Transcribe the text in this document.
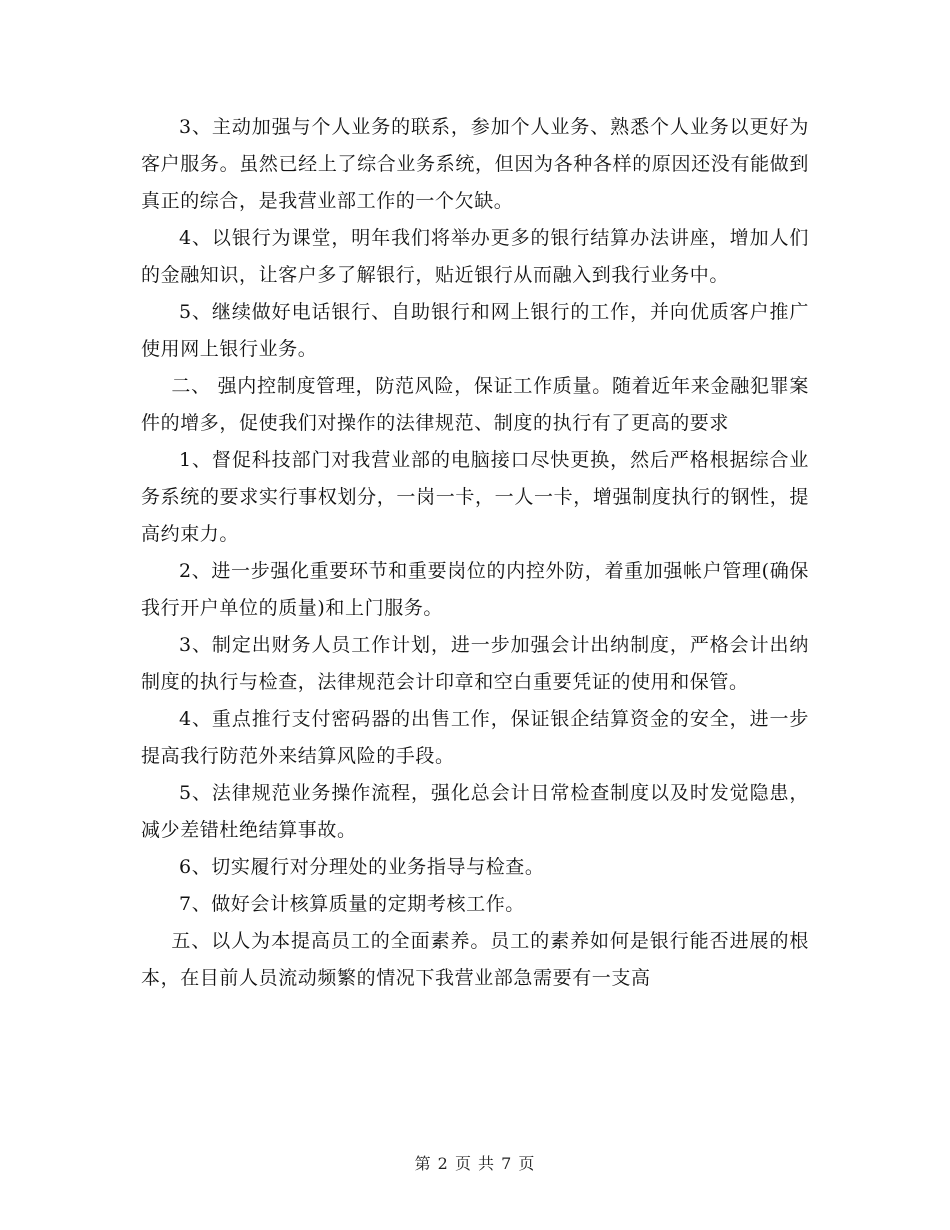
3、主动加强与个人业务的联系，参加个人业务、熟悉个人业务以更好为客户服务。虽然已经上了综合业务系统，但因为各种各样的原因还没有能做到真正的综合，是我营业部工作的一个欠缺。

4、以银行为课堂，明年我们将举办更多的银行结算办法讲座，增加人们的金融知识，让客户多了解银行，贴近银行从而融入到我行业务中。

5、继续做好电话银行、自助银行和网上银行的工作，并向优质客户推广使用网上银行业务。

二、 强内控制度管理，防范风险，保证工作质量。随着近年来金融犯罪案件的增多，促使我们对操作的法律规范、制度的执行有了更高的要求

1、督促科技部门对我营业部的电脑接口尽快更换，然后严格根据综合业务系统的要求实行事权划分，一岗一卡，一人一卡，增强制度执行的钢性，提高约束力。

2、进一步强化重要环节和重要岗位的内控外防，着重加强帐户管理(确保我行开户单位的质量)和上门服务。

3、制定出财务人员工作计划，进一步加强会计出纳制度，严格会计出纳制度的执行与检查，法律规范会计印章和空白重要凭证的使用和保管。

4、重点推行支付密码器的出售工作，保证银企结算资金的安全，进一步提高我行防范外来结算风险的手段。

5、法律规范业务操作流程，强化总会计日常检查制度以及时发觉隐患，减少差错杜绝结算事故。

6、切实履行对分理处的业务指导与检查。

7、做好会计核算质量的定期考核工作。

五、以人为本提高员工的全面素养。员工的素养如何是银行能否进展的根本，在目前人员流动频繁的情况下我营业部急需要有一支高

第 2 页 共 7 页
